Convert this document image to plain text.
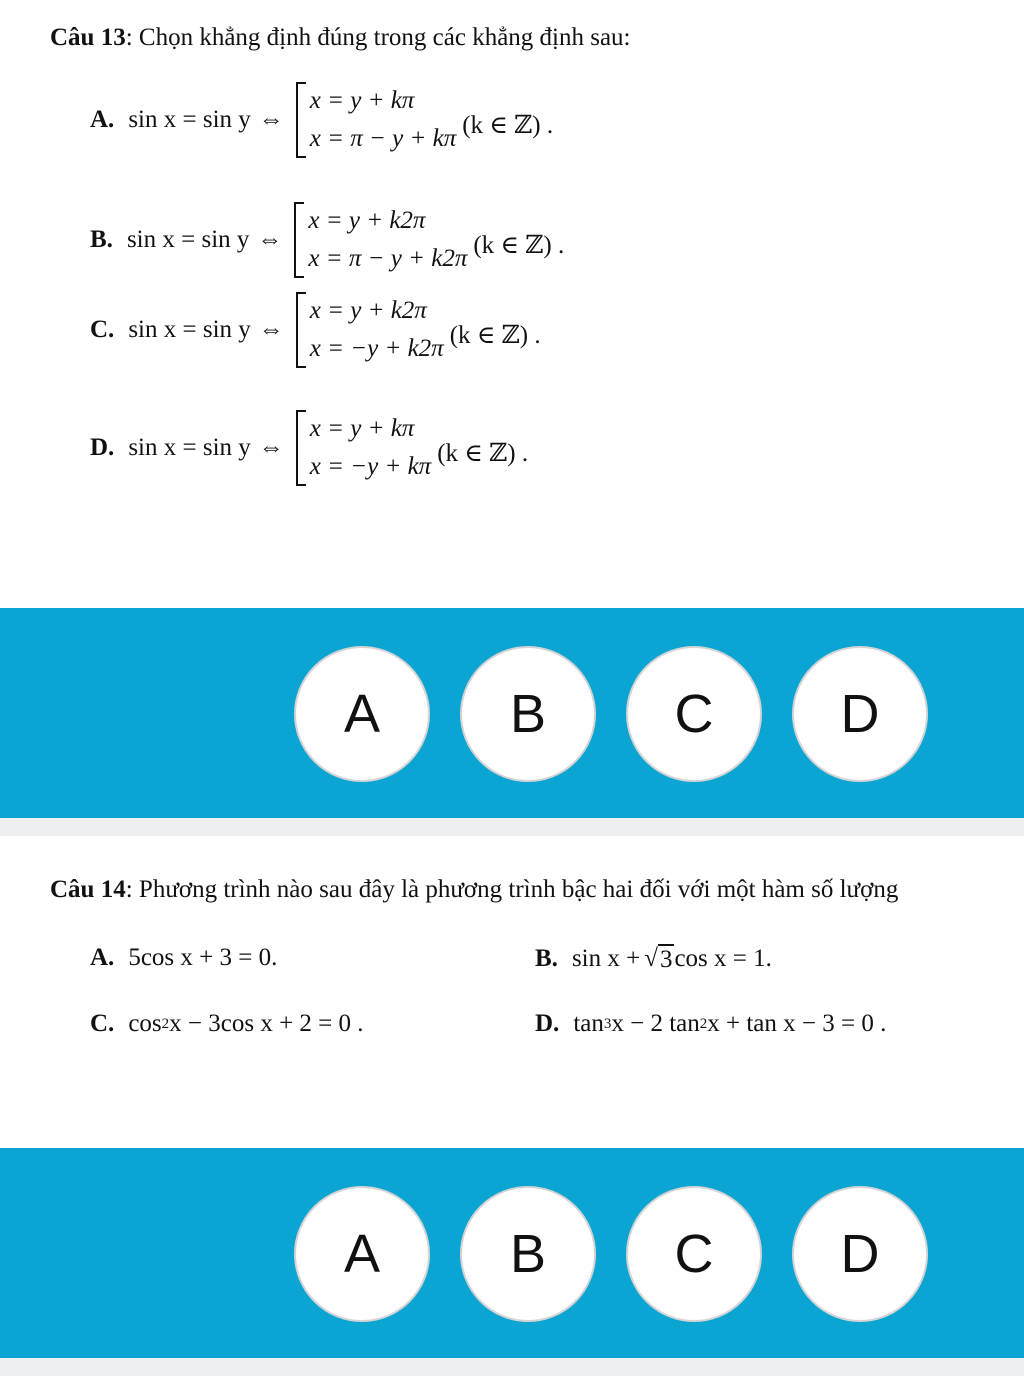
Câu 13: Chọn khẳng định đúng trong các khẳng định sau:
A. sin x = sin y ⇔
x = y + kπ
x = π − y + kπ (k ∈ ℤ) .
B. sin x = sin y ⇔
x = y + k2π
x = π − y + k2π (k ∈ ℤ) .
C. sin x = sin y ⇔
x = y + k2π
x = −y + k2π (k ∈ ℤ) .
D. sin x = sin y ⇔
x = y + kπ
x = −y + kπ (k ∈ ℤ) .
A	B	C	D
Câu 14: Phương trình nào sau đây là phương trình bậc hai đối với một hàm số lượng
A. 5cos x + 3 = 0.	B. sin x + √ 3 cos x = 1.
C. cos 2 x − 3cos x + 2 = 0 .	D. tan 3 x − 2 tan 2 x + tan x − 3 = 0 .
A	B	C	D
